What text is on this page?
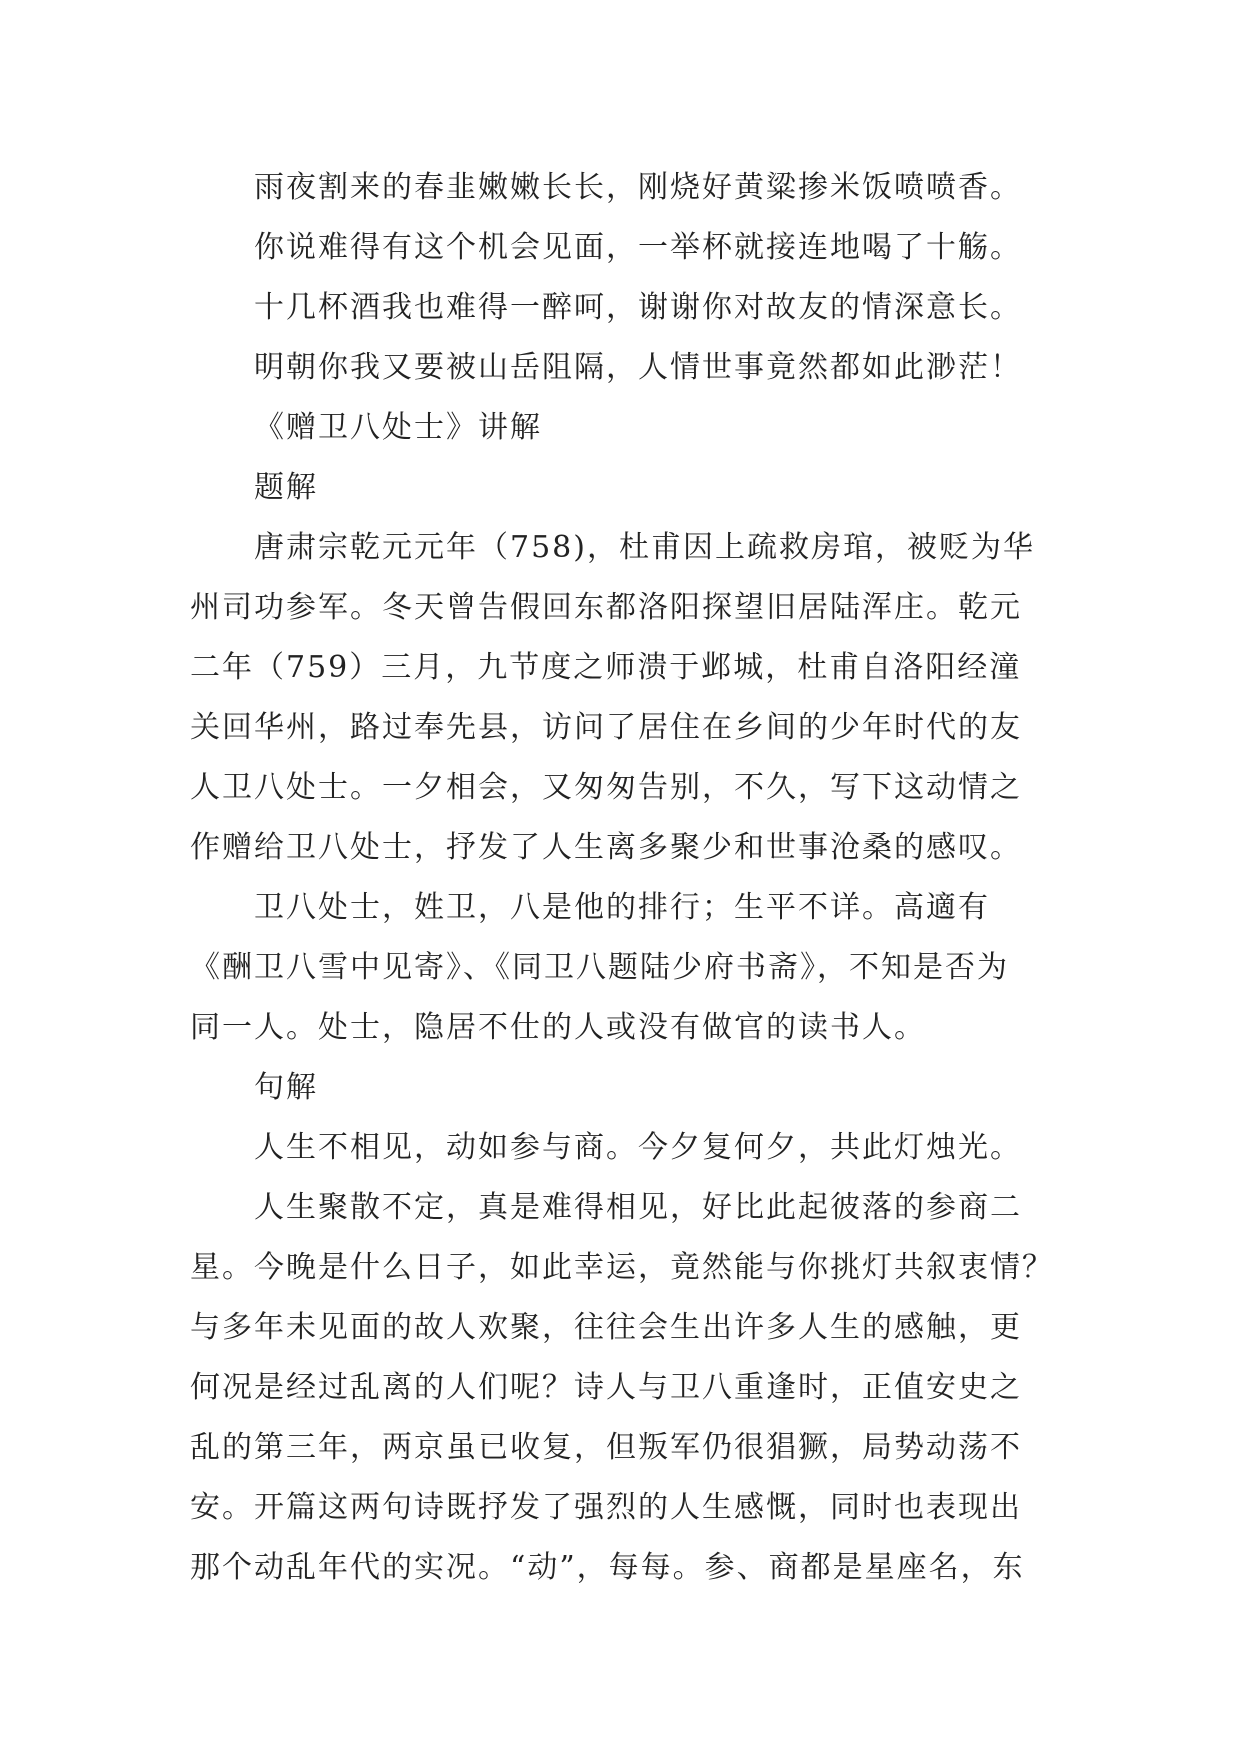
雨夜割来的春韭嫩嫩长长，刚烧好黄粱掺米饭喷喷香。
你说难得有这个机会见面，一举杯就接连地喝了十觞。
十几杯酒我也难得一醉呵，谢谢你对故友的情深意长。
明朝你我又要被山岳阻隔，人情世事竟然都如此渺茫！
《赠卫八处士》讲解
题解
唐肃宗乾元元年（758)，杜甫因上疏救房琯，被贬为华
州司功参军。冬天曾告假回东都洛阳探望旧居陆浑庄。乾元
二年（759）三月，九节度之师溃于邺城，杜甫自洛阳经潼
关回华州，路过奉先县，访问了居住在乡间的少年时代的友
人卫八处士。一夕相会，又匆匆告别，不久，写下这动情之
作赠给卫八处士，抒发了人生离多聚少和世事沧桑的感叹。
卫八处士，姓卫，八是他的排行；生平不详。高適有
《酬卫八雪中见寄》、《同卫八题陆少府书斋》，不知是否为
同一人。处士，隐居不仕的人或没有做官的读书人。
句解
人生不相见，动如参与商。今夕复何夕，共此灯烛光。
人生聚散不定，真是难得相见，好比此起彼落的参商二
星。今晚是什么日子，如此幸运，竟然能与你挑灯共叙衷情？
与多年未见面的故人欢聚，往往会生出许多人生的感触，更
何况是经过乱离的人们呢？诗人与卫八重逢时，正值安史之
乱的第三年，两京虽已收复，但叛军仍很猖獗，局势动荡不
安。开篇这两句诗既抒发了强烈的人生感慨，同时也表现出
那个动乱年代的实况。“动”，每每。参、商都是星座名，东
